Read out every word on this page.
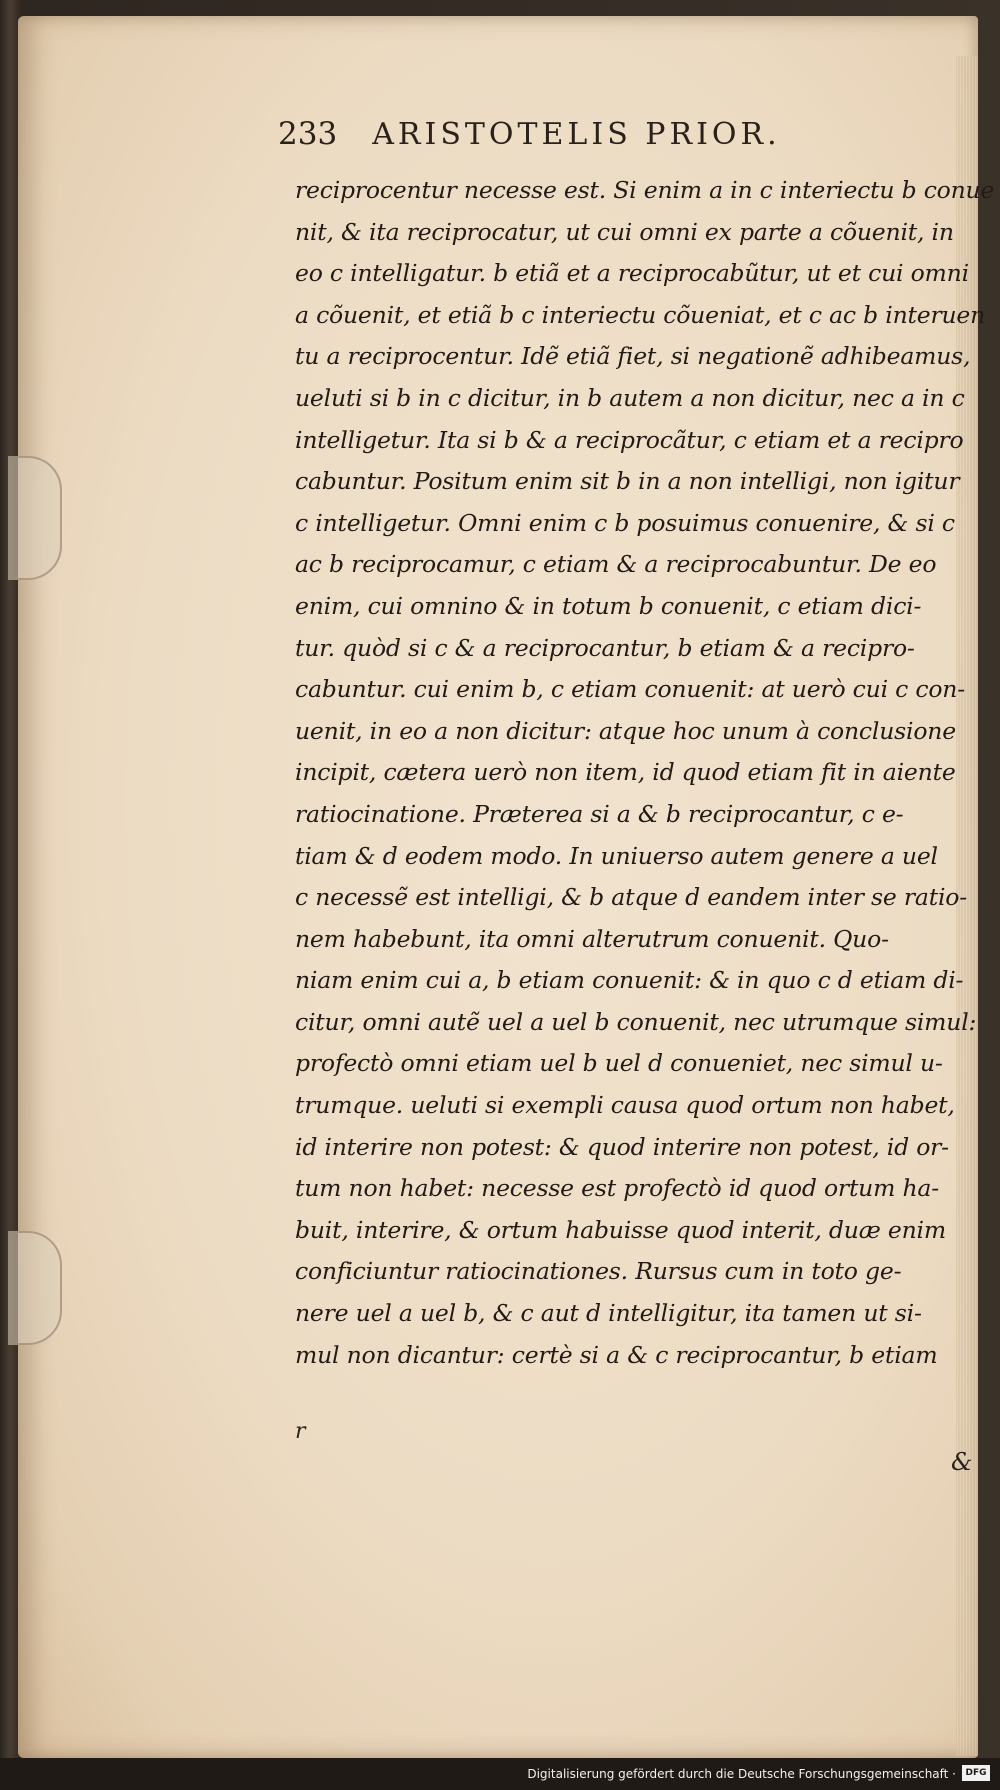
233 ARISTOTELIS PRIOR.
reciprocentur necesse est. Si enim a in c interiectu b conue
nit, & ita reciprocatur, ut cui omni ex parte a cõuenit, in
eo c intelligatur. b etiã et a reciprocabũtur, ut et cui omni
a cõuenit, et etiã b c interiectu cõueniat, et c ac b interuen
tu a reciprocentur. Idẽ etiã fiet, si negationẽ adhibeamus,
ueluti si b in c dicitur, in b autem a non dicitur, nec a in c
intelligetur. Ita si b & a reciprocãtur, c etiam et a recipro
cabuntur. Positum enim sit b in a non intelligi, non igitur
c intelligetur. Omni enim c b posuimus conuenire, & si c
ac b reciprocamur, c etiam & a reciprocabuntur. De eo
enim, cui omnino & in totum b conuenit, c etiam dici-
tur. quòd si c & a reciprocantur, b etiam & a recipro-
cabuntur. cui enim b, c etiam conuenit: at uerò cui c con-
uenit, in eo a non dicitur: atque hoc unum à conclusione
incipit, cætera uerò non item, id quod etiam fit in aiente
ratiocinatione. Præterea si a & b reciprocantur, c e-
tiam & d eodem modo. In uniuerso autem genere a uel
c necessẽ est intelligi, & b atque d eandem inter se ratio-
nem habebunt, ita omni alterutrum conuenit. Quo-
niam enim cui a, b etiam conuenit: & in quo c d etiam di-
citur, omni autẽ uel a uel b conuenit, nec utrumque simul:
profectò omni etiam uel b uel d conueniet, nec simul u-
trumque. ueluti si exempli causa quod ortum non habet,
id interire non potest: & quod interire non potest, id or-
tum non habet: necesse est profectò id quod ortum ha-
buit, interire, & ortum habuisse quod interit, duæ enim
conficiuntur ratiocinationes. Rursus cum in toto ge-
nere uel a uel b, & c aut d intelligitur, ita tamen ut si-
mul non dicantur: certè si a & c reciprocantur, b etiam
r
&
Digitalisierung gefördert durch die Deutsche Forschungsgemeinschaft ·	DFG
